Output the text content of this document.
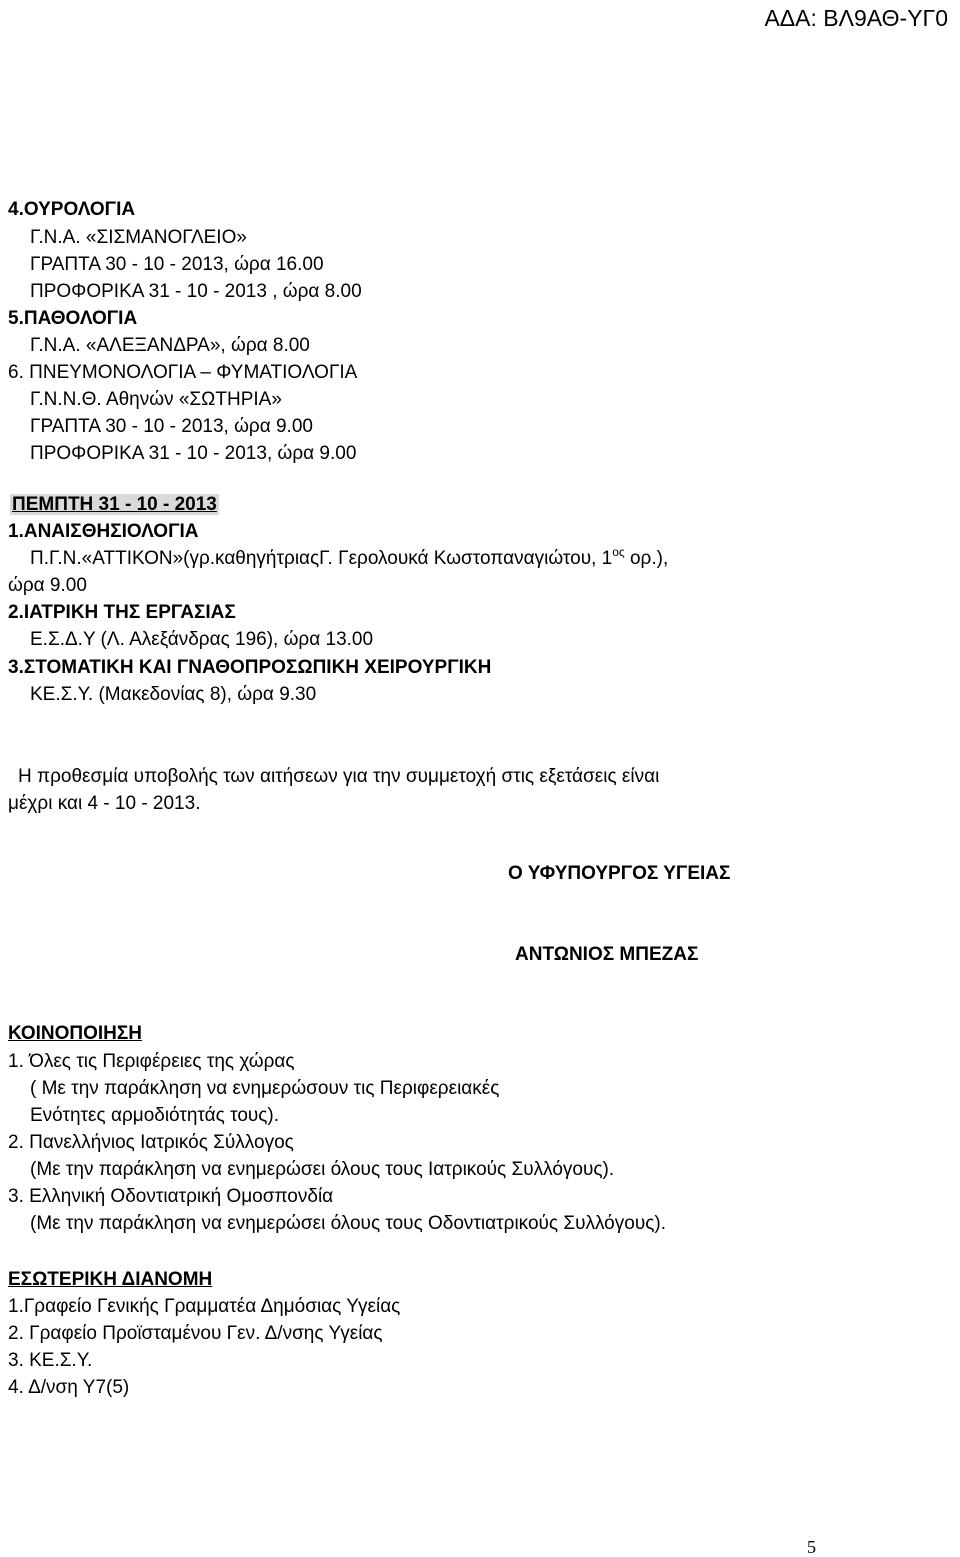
ΑΔΑ: ΒΛ9ΑΘ-ΥΓ0
4.ΟΥΡΟΛΟΓΙΑ
Γ.Ν.Α. «ΣΙΣΜΑΝΟΓΛΕΙΟ»
ΓΡΑΠΤΑ 30 - 10 - 2013, ώρα 16.00
ΠΡΟΦΟΡΙΚΑ 31 - 10 - 2013 , ώρα 8.00
5.ΠΑΘΟΛΟΓΙΑ
Γ.Ν.Α. «ΑΛΕΞΑΝΔΡΑ», ώρα 8.00
6. ΠΝΕΥΜΟΝΟΛΟΓΙΑ – ΦΥΜΑΤΙΟΛΟΓΙΑ
Γ.Ν.Ν.Θ. Αθηνών «ΣΩΤΗΡΙΑ»
ΓΡΑΠΤΑ 30 - 10 - 2013, ώρα 9.00
ΠΡΟΦΟΡΙΚΑ 31 - 10 - 2013, ώρα 9.00
ΠΕΜΠΤΗ 31 - 10 - 2013
1.ΑΝΑΙΣΘΗΣΙΟΛΟΓΙΑ
Π.Γ.Ν.«ΑΤΤΙΚΟΝ»(γρ.καθηγήτριαςΓ. Γερολουκά Κωστοπαναγιώτου, $1^{o\varsigma}$ ορ.),
ώρα 9.00
2.ΙΑΤΡΙΚΗ ΤΗΣ ΕΡΓΑΣΙΑΣ
Ε.Σ.Δ.Υ (Λ. Αλεξάνδρας 196), ώρα 13.00
3.ΣΤΟΜΑΤΙΚΗ ΚΑΙ ΓΝΑΘΟΠΡΟΣΩΠΙΚΗ ΧΕΙΡΟΥΡΓΙΚΗ
ΚΕ.Σ.Υ. (Μακεδονίας 8), ώρα 9.30
Η προθεσμία υποβολής των αιτήσεων για την συμμετοχή στις εξετάσεις είναι
μέχρι και 4 - 10 - 2013.
Ο ΥΦΥΠΟΥΡΓΟΣ ΥΓΕΙΑΣ
ΑΝΤΩΝΙΟΣ ΜΠΕΖΑΣ
ΚΟΙΝΟΠΟΙΗΣΗ
1. Όλες τις Περιφέρειες της χώρας
( Με την παράκληση να ενημερώσουν τις Περιφερειακές
Ενότητες αρμοδιότητάς τους).
2. Πανελλήνιος Ιατρικός Σύλλογος
(Με την παράκληση να ενημερώσει όλους τους Ιατρικούς Συλλόγους).
3. Ελληνική Οδοντιατρική Ομοσπονδία
(Με την παράκληση να ενημερώσει όλους τους Οδοντιατρικούς Συλλόγους).
ΕΣΩΤΕΡΙΚΗ ΔΙΑΝΟΜΗ
1.Γραφείο Γενικής Γραμματέα Δημόσιας Υγείας
2. Γραφείο Προϊσταμένου Γεν. Δ/νσης Υγείας
3. ΚΕ.Σ.Υ.
4. Δ/νση Υ7(5)
5
